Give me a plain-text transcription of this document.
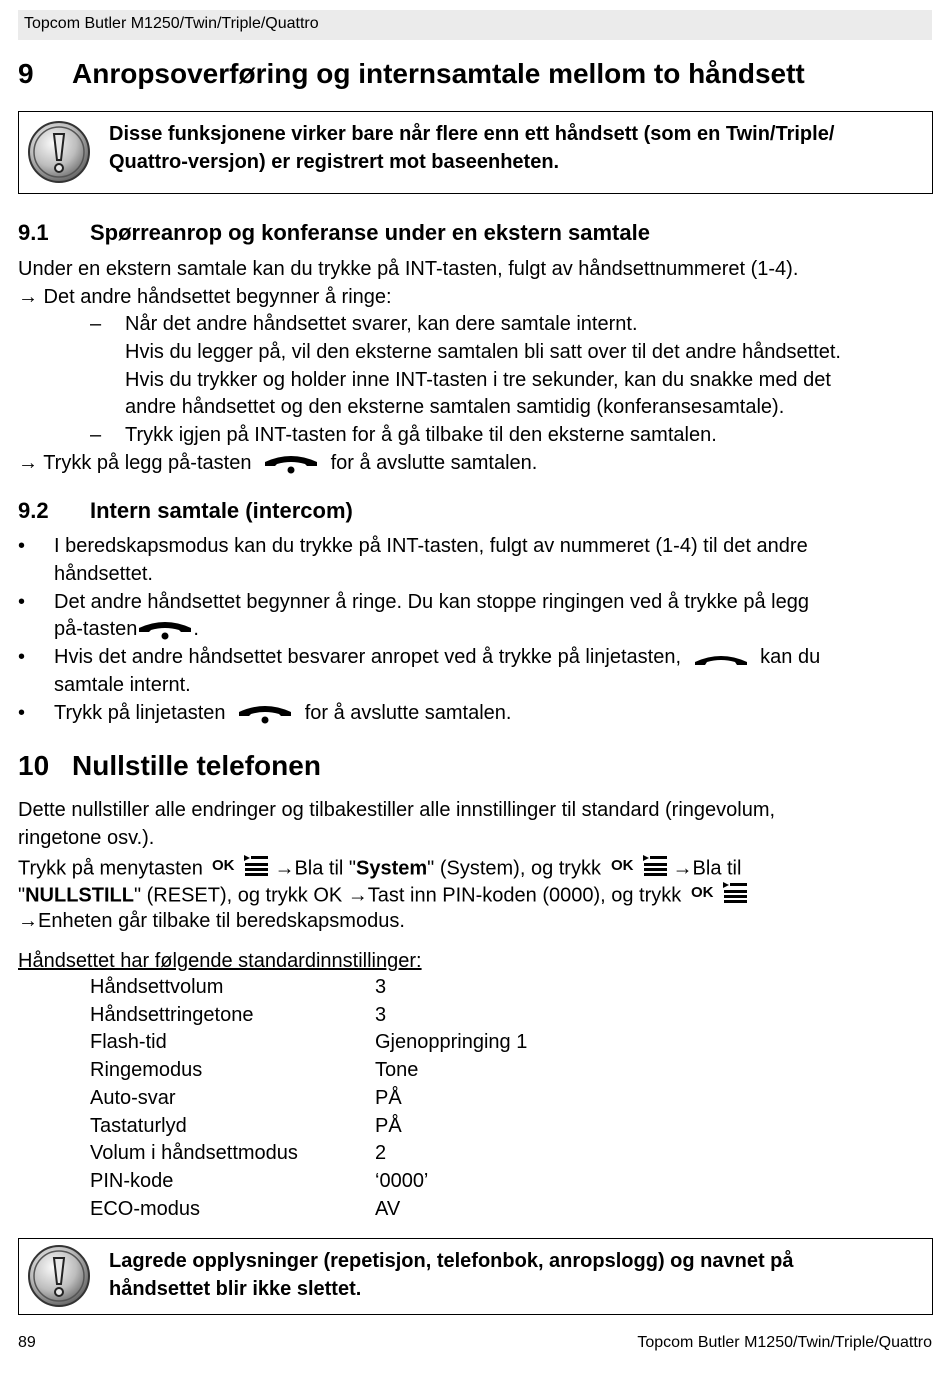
Topcom Butler M1250/Twin/Triple/Quattro
9 Anropsoverføring og internsamtale mellom to håndsett
Disse funksjonene virker bare når flere enn ett håndsett (som en Twin/Triple/
Quattro-versjon) er registrert mot baseenheten.
9.1 Spørreanrop og konferanse under en ekstern samtale
Under en ekstern samtale kan du trykke på INT-tasten, fulgt av håndsettnummeret (1-4).
→ Det andre håndsettet begynner å ringe:
– Når det andre håndsettet svarer, kan dere samtale internt.
Hvis du legger på, vil den eksterne samtalen bli satt over til det andre håndsettet.
Hvis du trykker og holder inne INT-tasten i tre sekunder, kan du snakke med det
andre håndsettet og den eksterne samtalen samtidig (konferansesamtale).
– Trykk igjen på INT-tasten for å gå tilbake til den eksterne samtalen.
→ Trykk på legg på-tasten	for å avslutte samtalen.
9.2 Intern samtale (intercom)
• I beredskapsmodus kan du trykke på INT-tasten, fulgt av nummeret (1-4) til det andre
håndsettet.
• Det andre håndsettet begynner å ringe. Du kan stoppe ringingen ved å trykke på legg
på-tasten	.
• Hvis det andre håndsettet besvarer anropet ved å trykke på linjetasten,	kan du
samtale internt.
• Trykk på linjetasten	for å avslutte samtalen.
10 Nullstille telefonen
Dette nullstiller alle endringer og tilbakestiller alle innstillinger til standard (ringevolum,
ringetone osv.).
Trykk på menytasten OK →Bla til "System" (System), og trykk OK →Bla til
"NULLSTILL" (RESET), og trykk OK →Tast inn PIN-koden (0000), og trykk OK
→Enheten går tilbake til beredskapsmodus.
Håndsettet har følgende standardinnstillinger:
Håndsettvolum	3
Håndsettringetone	3
Flash-tid	Gjenoppringing 1
Ringemodus	Tone
Auto-svar	PÅ
Tastaturlyd	PÅ
Volum i håndsettmodus	2
PIN-kode	‘0000’
ECO-modus	AV
Lagrede opplysninger (repetisjon, telefonbok, anropslogg) og navnet på
håndsettet blir ikke slettet.
89	Topcom Butler M1250/Twin/Triple/Quattro
